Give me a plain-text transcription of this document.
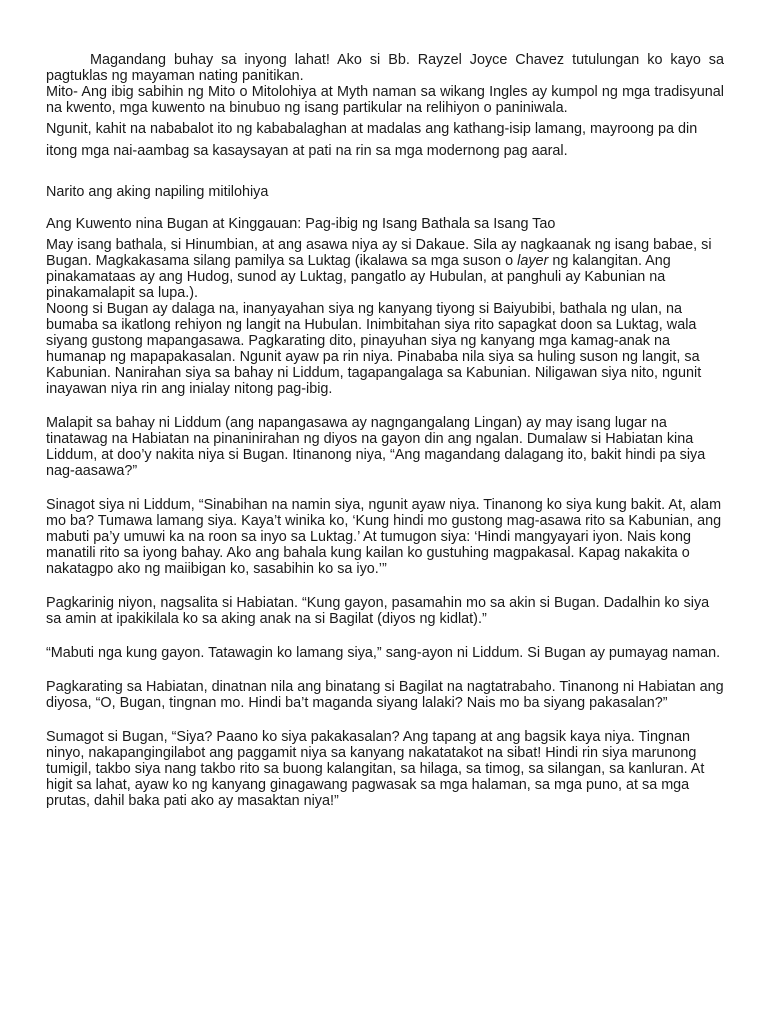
Magandang buhay sa inyong lahat! Ako si Bb. Rayzel Joyce Chavez tutulungan ko kayo sa pagtuklas ng mayaman nating panitikan.

Mito- Ang ibig sabihin ng Mito o Mitolohiya at Myth naman sa wikang Ingles ay kumpol ng mga tradisyunal na kwento, mga kuwento na binubuo ng isang partikular na relihiyon o paniniwala.

Ngunit, kahit na nababalot ito ng kababalaghan at madalas ang kathang-isip lamang, mayroong pa din itong mga nai-aambag sa kasaysayan at pati na rin sa mga modernong pag aaral.

Narito ang aking napiling mitilohiya

Ang Kuwento nina Bugan at Kinggauan: Pag-ibig ng Isang Bathala sa Isang Tao

May isang bathala, si Hinumbian, at ang asawa niya ay si Dakaue. Sila ay nagkaanak ng isang babae, si Bugan. Magkakasama silang pamilya sa Luktag (ikalawa sa mga suson o layer ng kalangitan. Ang pinakamataas ay ang Hudog, sunod ay Luktag, pangatlo ay Hubulan, at panghuli ay Kabunian na pinakamalapit sa lupa.).

Noong si Bugan ay dalaga na, inanyayahan siya ng kanyang tiyong si Baiyubibi, bathala ng ulan, na bumaba sa ikatlong rehiyon ng langit na Hubulan. Inimbitahan siya rito sapagkat doon sa Luktag, wala siyang gustong mapangasawa. Pagkarating dito, pinayuhan siya ng kanyang mga kamag-anak na humanap ng mapapakasalan. Ngunit ayaw pa rin niya. Pinababa nila siya sa huling suson ng langit, sa Kabunian. Nanirahan siya sa bahay ni Liddum, tagapangalaga sa Kabunian. Niligawan siya nito, ngunit inayawan niya rin ang inialay nitong pag-ibig.

Malapit sa bahay ni Liddum (ang napangasawa ay nagngangalang Lingan) ay may isang lugar na tinatawag na Habiatan na pinaninirahan ng diyos na gayon din ang ngalan. Dumalaw si Habiatan kina Liddum, at doo’y nakita niya si Bugan. Itinanong niya, “Ang magandang dalagang ito, bakit hindi pa siya nag-aasawa?”

Sinagot siya ni Liddum, “Sinabihan na namin siya, ngunit ayaw niya. Tinanong ko siya kung bakit. At, alam mo ba? Tumawa lamang siya. Kaya’t winika ko, ‘Kung hindi mo gustong mag-asawa rito sa Kabunian, ang mabuti pa’y umuwi ka na roon sa inyo sa Luktag.’ At tumugon siya: ‘Hindi mangyayari iyon. Nais kong manatili rito sa iyong bahay. Ako ang bahala kung kailan ko gustuhing magpakasal. Kapag nakakita o nakatagpo ako ng maiibigan ko, sasabihin ko sa iyo.’”

Pagkarinig niyon, nagsalita si Habiatan. “Kung gayon, pasamahin mo sa akin si Bugan. Dadalhin ko siya sa amin at ipakikilala ko sa aking anak na si Bagilat (diyos ng kidlat).”

“Mabuti nga kung gayon. Tatawagin ko lamang siya,” sang-ayon ni Liddum. Si Bugan ay pumayag naman.

Pagkarating sa Habiatan, dinatnan nila ang binatang si Bagilat na nagtatrabaho. Tinanong ni Habiatan ang diyosa, “O, Bugan, tingnan mo. Hindi ba’t maganda siyang lalaki? Nais mo ba siyang pakasalan?”

Sumagot si Bugan, “Siya? Paano ko siya pakakasalan? Ang tapang at ang bagsik kaya niya. Tingnan ninyo, nakapangingilabot ang paggamit niya sa kanyang nakatatakot na sibat! Hindi rin siya marunong tumigil, takbo siya nang takbo rito sa buong kalangitan, sa hilaga, sa timog, sa silangan, sa kanluran. At higit sa lahat, ayaw ko ng kanyang ginagawang pagwasak sa mga halaman, sa mga puno, at sa mga prutas, dahil baka pati ako ay masaktan niya!”
